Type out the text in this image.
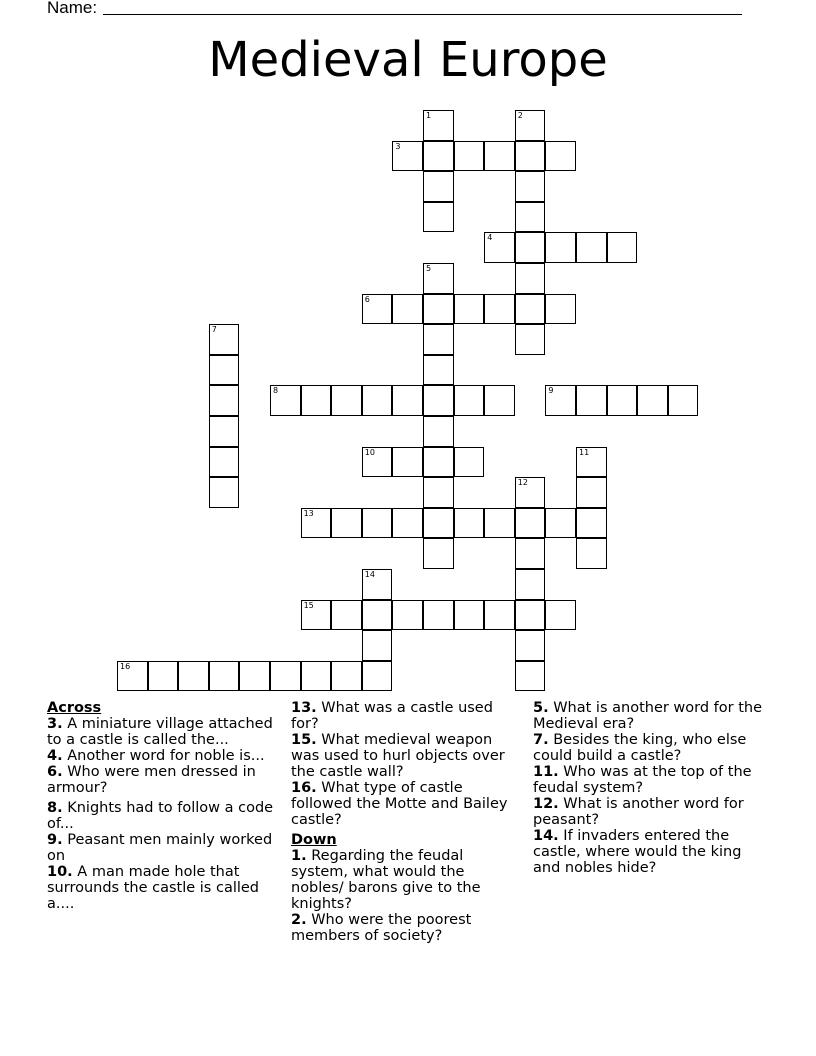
Name:
Medieval Europe
1	2
3
4
5
6
7
8	9
10	11
12
13
14
15
16
Across
3. A miniature village attached to a castle is called the...
4. Another word for noble is...
6. Who were men dressed in armour?
8. Knights had to follow a code of...
9. Peasant men mainly worked on
10. A man made hole that surrounds the castle is called a....
13. What was a castle used for?
15. What medieval weapon was used to hurl objects over the castle wall?
16. What type of castle followed the Motte and Bailey castle?
Down
1. Regarding the feudal system, what would the nobles/ barons give to the knights?
2. Who were the poorest members of society?
5. What is another word for the Medieval era?
7. Besides the king, who else could build a castle?
11. Who was at the top of the feudal system?
12. What is another word for peasant?
14. If invaders entered the castle, where would the king and nobles hide?
